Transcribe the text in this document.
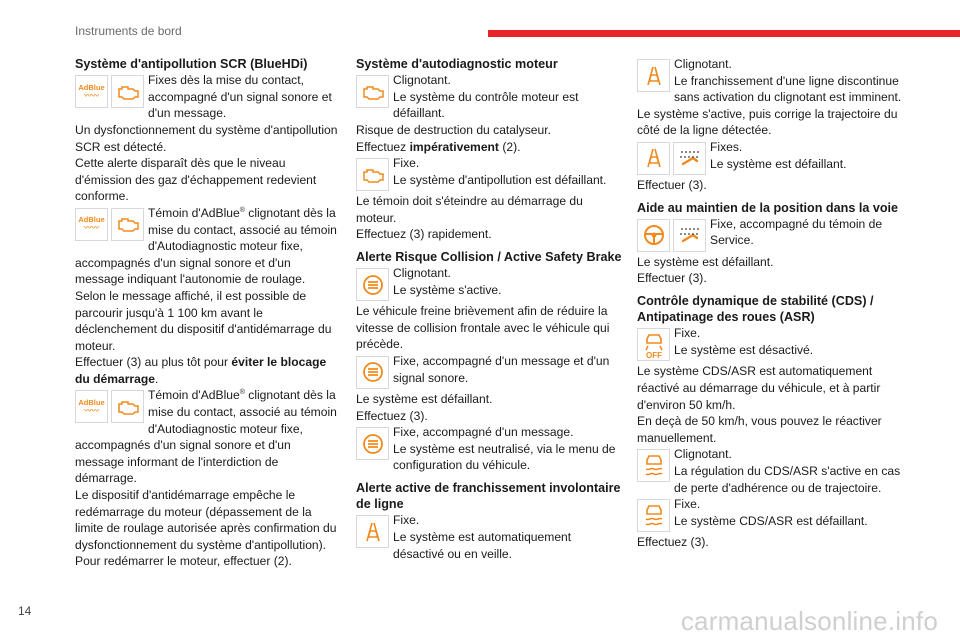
Instruments de bord
Système d'antipollution SCR (BlueHDi)
AdBlue
〰〰
Fixes dès la mise du contact, accompagné d'un signal sonore et d'un message.

Un dysfonctionnement du système d'antipollution SCR est détecté.

Cette alerte disparaît dès que le niveau d'émission des gaz d'échappement redevient conforme.

AdBlue
〰〰
Témoin d'AdBlue® clignotant dès la mise du contact, associé au témoin d'Autodiagnostic moteur fixe, accompagnés d'un signal sonore et d'un message indiquant l'autonomie de roulage.

Selon le message affiché, il est possible de parcourir jusqu'à 1 100 km avant le déclenchement du dispositif d'antidémarrage du moteur.

Effectuer (3) au plus tôt pour éviter le blocage du démarrage.

AdBlue
〰〰
Témoin d'AdBlue® clignotant dès la mise du contact, associé au témoin d'Autodiagnostic moteur fixe, accompagnés d'un signal sonore et d'un message informant de l'interdiction de démarrage.

Le dispositif d'antidémarrage empêche le redémarrage du moteur (dépassement de la limite de roulage autorisée après confirmation du dysfonctionnement du système d'antipollution).

Pour redémarrer le moteur, effectuer (2).

Système d'autodiagnostic moteur
Clignotant.
Le système du contrôle moteur est défaillant.

Risque de destruction du catalyseur.

Effectuez impérativement (2).

Fixe.
Le système d'antipollution est défaillant.

Le témoin doit s'éteindre au démarrage du moteur.

Effectuez (3) rapidement.

Alerte Risque Collision / Active Safety Brake
Clignotant.
Le système s'active.

Le véhicule freine brièvement afin de réduire la vitesse de collision frontale avec le véhicule qui précède.

Fixe, accompagné d'un message et d'un signal sonore.

Le système est défaillant.

Effectuez (3).

Fixe, accompagné d'un message.
Le système est neutralisé, via le menu de configuration du véhicule.
Alerte active de franchissement involontaire de ligne
Fixe.
Le système est automatiquement désactivé ou en veille.
Clignotant.
Le franchissement d'une ligne discontinue sans activation du clignotant est imminent.

Le système s'active, puis corrige la trajectoire du côté de la ligne détectée.

Fixes.
Le système est défaillant.

Effectuer (3).

Aide au maintien de la position dans la voie
Fixe, accompagné du témoin de Service.

Le système est défaillant.

Effectuer (3).

Contrôle dynamique de stabilité (CDS) / Antipatinage des roues (ASR)
OFF
Fixe.
Le système est désactivé.

Le système CDS/ASR est automatiquement réactivé au démarrage du véhicule, et à partir d'environ 50 km/h.

En deçà de 50 km/h, vous pouvez le réactiver manuellement.

Clignotant.
La régulation du CDS/ASR s'active en cas de perte d'adhérence ou de trajectoire.
Fixe.
Le système CDS/ASR est défaillant.

Effectuez (3).

14	carmanualsonline.info
